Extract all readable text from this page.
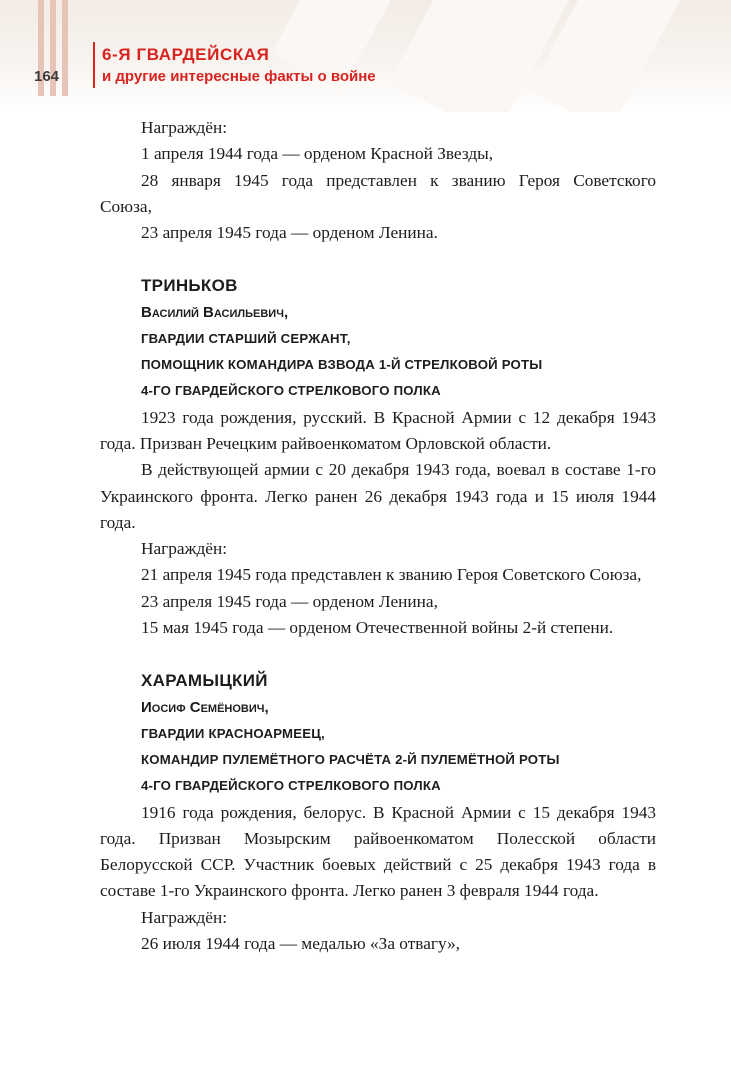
164
6-Я ГВАРДЕЙСКАЯ
и другие интересные факты о войне

Награждён:

1 апреля 1944 года — орденом Красной Звезды,

28 января 1945 года представлен к званию Героя Советского

Союза,

23 апреля 1945 года — орденом Ленина.

ТРИНЬКОВ

Василий Васильевич,

ГВАРДИИ СТАРШИЙ СЕРЖАНТ,

ПОМОЩНИК КОМАНДИРА ВЗВОДА 1-Й СТРЕЛКОВОЙ РОТЫ

4-ГО ГВАРДЕЙСКОГО СТРЕЛКОВОГО ПОЛКА

1923 года рождения, русский. В Красной Армии с 12 декабря 1943 года. Призван Речецким райвоенкоматом Орловской области.

В действующей армии с 20 декабря 1943 года, воевал в составе 1-го Украинского фронта. Легко ранен 26 декабря 1943 года и 15 июля 1944 года.

Награждён:

21 апреля 1945 года представлен к званию Героя Советского Союза,

23 апреля 1945 года — орденом Ленина,

15 мая 1945 года — орденом Отечественной войны 2-й степени.

ХАРАМЫЦКИЙ

Иосиф Семёнович,

ГВАРДИИ КРАСНОАРМЕЕЦ,

КОМАНДИР ПУЛЕМЁТНОГО РАСЧЁТА 2-Й ПУЛЕМЁТНОЙ РОТЫ

4-ГО ГВАРДЕЙСКОГО СТРЕЛКОВОГО ПОЛКА

1916 года рождения, белорус. В Красной Армии с 15 декабря 1943 года. Призван Мозырским райвоенкоматом Полесской области Белорусской ССР. Участник боевых действий с 25 декабря 1943 года в составе 1-го Украинского фронта. Легко ранен 3 февраля 1944 года.

Награждён:

26 июля 1944 года — медалью «За отвагу»,
